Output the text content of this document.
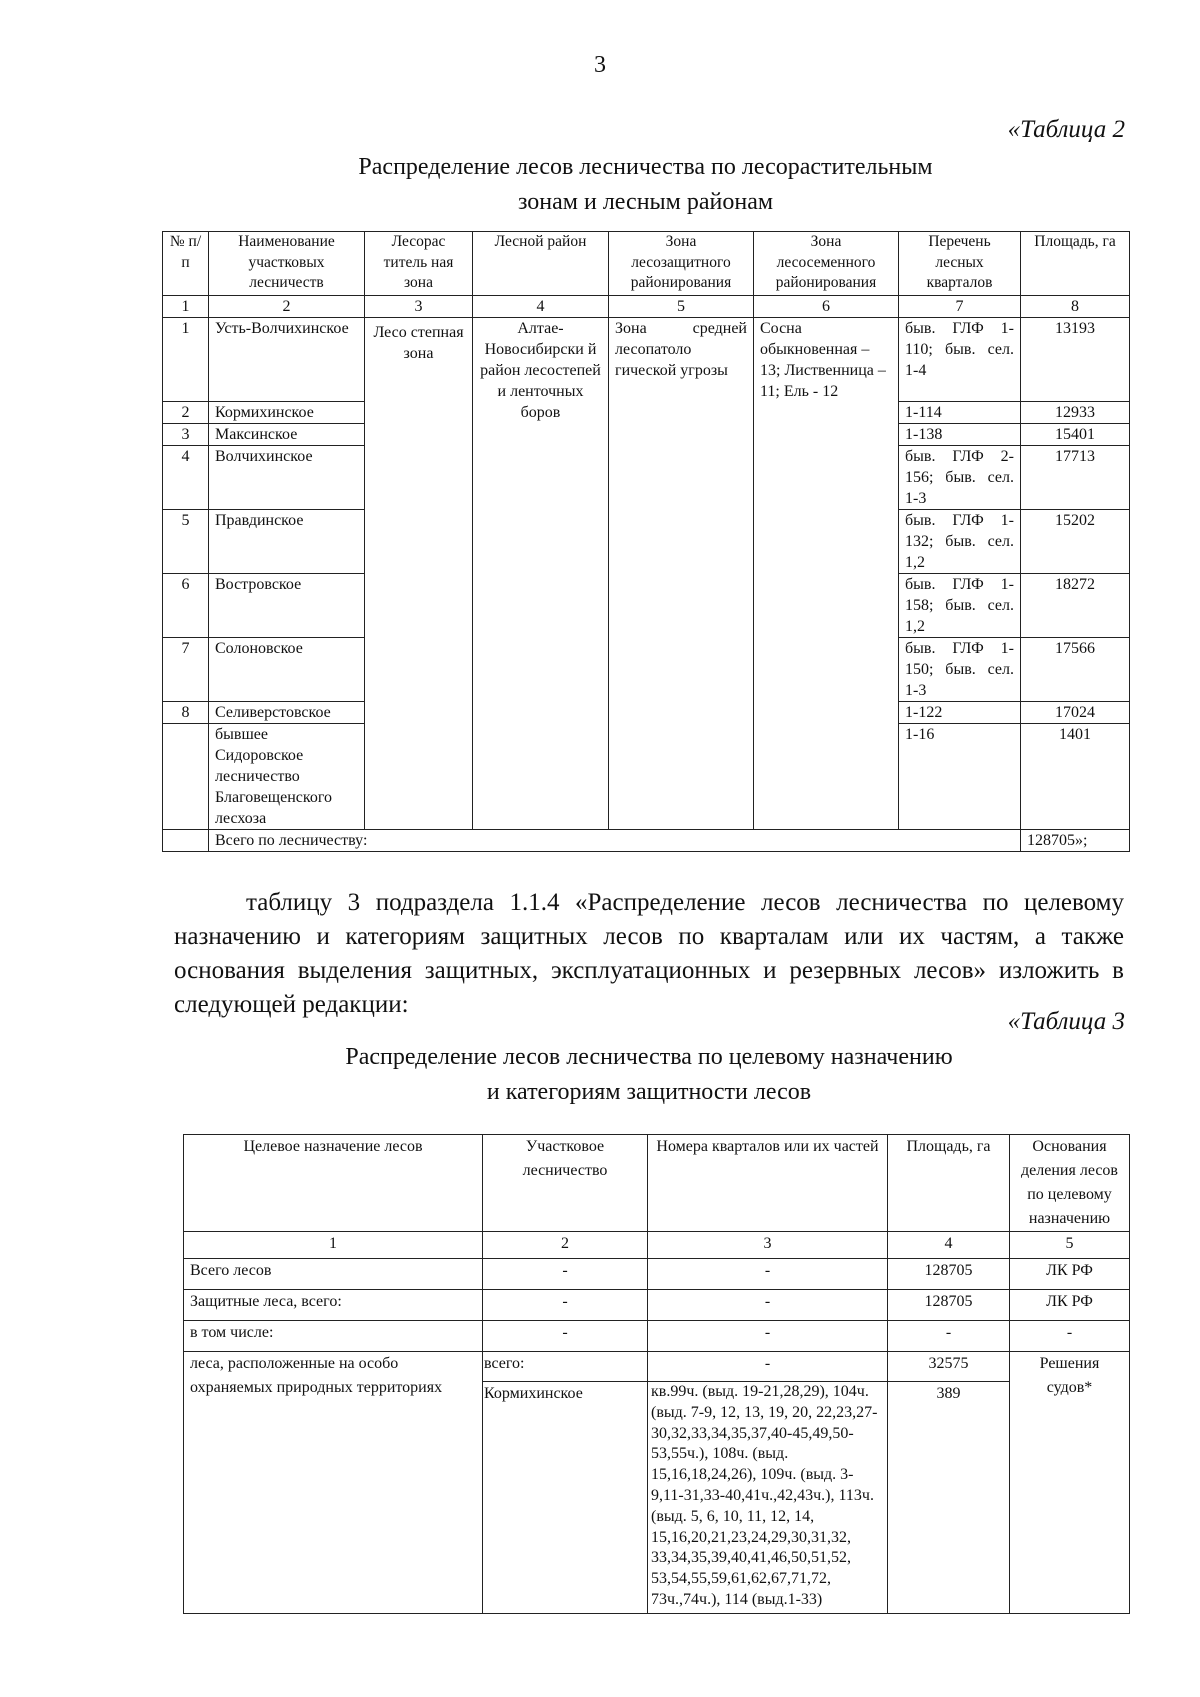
3
«Таблица 2
Распределение лесов лесничества по лесорастительным
зонам и лесным районам
№ п/ п	Наименование участковых лесничеств	Лесорас титель ная зона	Лесной район	Зона лесозащитного районирования	Зона лесосеменного районирования	Перечень лесных кварталов	Площадь, га
1	2	3	4	5	6	7	8
1	Усть-Волчихинское	Лесо степная зона	Алтае-Новосибирски й район лесостепей и ленточных боров	Зона средней лесопатоло гической угрозы	Сосна обыкновенная – 13; Лиственница – 11; Ель - 12	быв. ГЛФ 1-110; быв. сел. 1-4	13193
2	Кормихинское					1-114	12933
3	Максинское					1-138	15401
4	Волчихинское					быв. ГЛФ 2-156; быв. сел. 1-3	17713
5	Правдинское					быв. ГЛФ 1-132; быв. сел. 1,2	15202
6	Востровское					быв. ГЛФ 1-158; быв. сел. 1,2	18272
7	Солоновское					быв. ГЛФ 1-150; быв. сел. 1-3	17566
8	Селиверстовское					1-122	17024
	бывшее Сидоровское лесничество Благовещенского лесхоза					1-16	1401
	Всего по лесничеству:						128705»;
таблицу 3 подраздела 1.1.4 «Распределение лесов лесничества по целевому назначению и категориям защитных лесов по кварталам или их частям, а также основания выделения защитных, эксплуатационных и резервных лесов» изложить в следующей редакции:
«Таблица 3
Распределение лесов лесничества по целевому назначению
и категориям защитности лесов
Целевое назначение лесов	Участковое лесничество	Номера кварталов или их частей	Площадь, га	Основания деления лесов по целевому назначению
1	2	3	4	5
Всего лесов	-	-	128705	ЛК РФ
Защитные леса, всего:	-	-	128705	ЛК РФ
в том числе:	-	-	-	-
леса, расположенные на особо охраняемых природных территориях	всего:	-	32575	Решения судов*
	Кормихинское	кв.99ч. (выд. 19-21,28,29), 104ч. (выд. 7-9, 12, 13, 19, 20, 22,23,27-30,32,33,34,35,37,40-45,49,50-53,55ч.), 108ч. (выд. 15,16,18,24,26), 109ч. (выд. 3-9,11-31,33-40,41ч.,42,43ч.), 113ч. (выд. 5, 6, 10, 11, 12, 14, 15,16,20,21,23,24,29,30,31,32, 33,34,35,39,40,41,46,50,51,52, 53,54,55,59,61,62,67,71,72, 73ч.,74ч.), 114 (выд.1-33)	389	
